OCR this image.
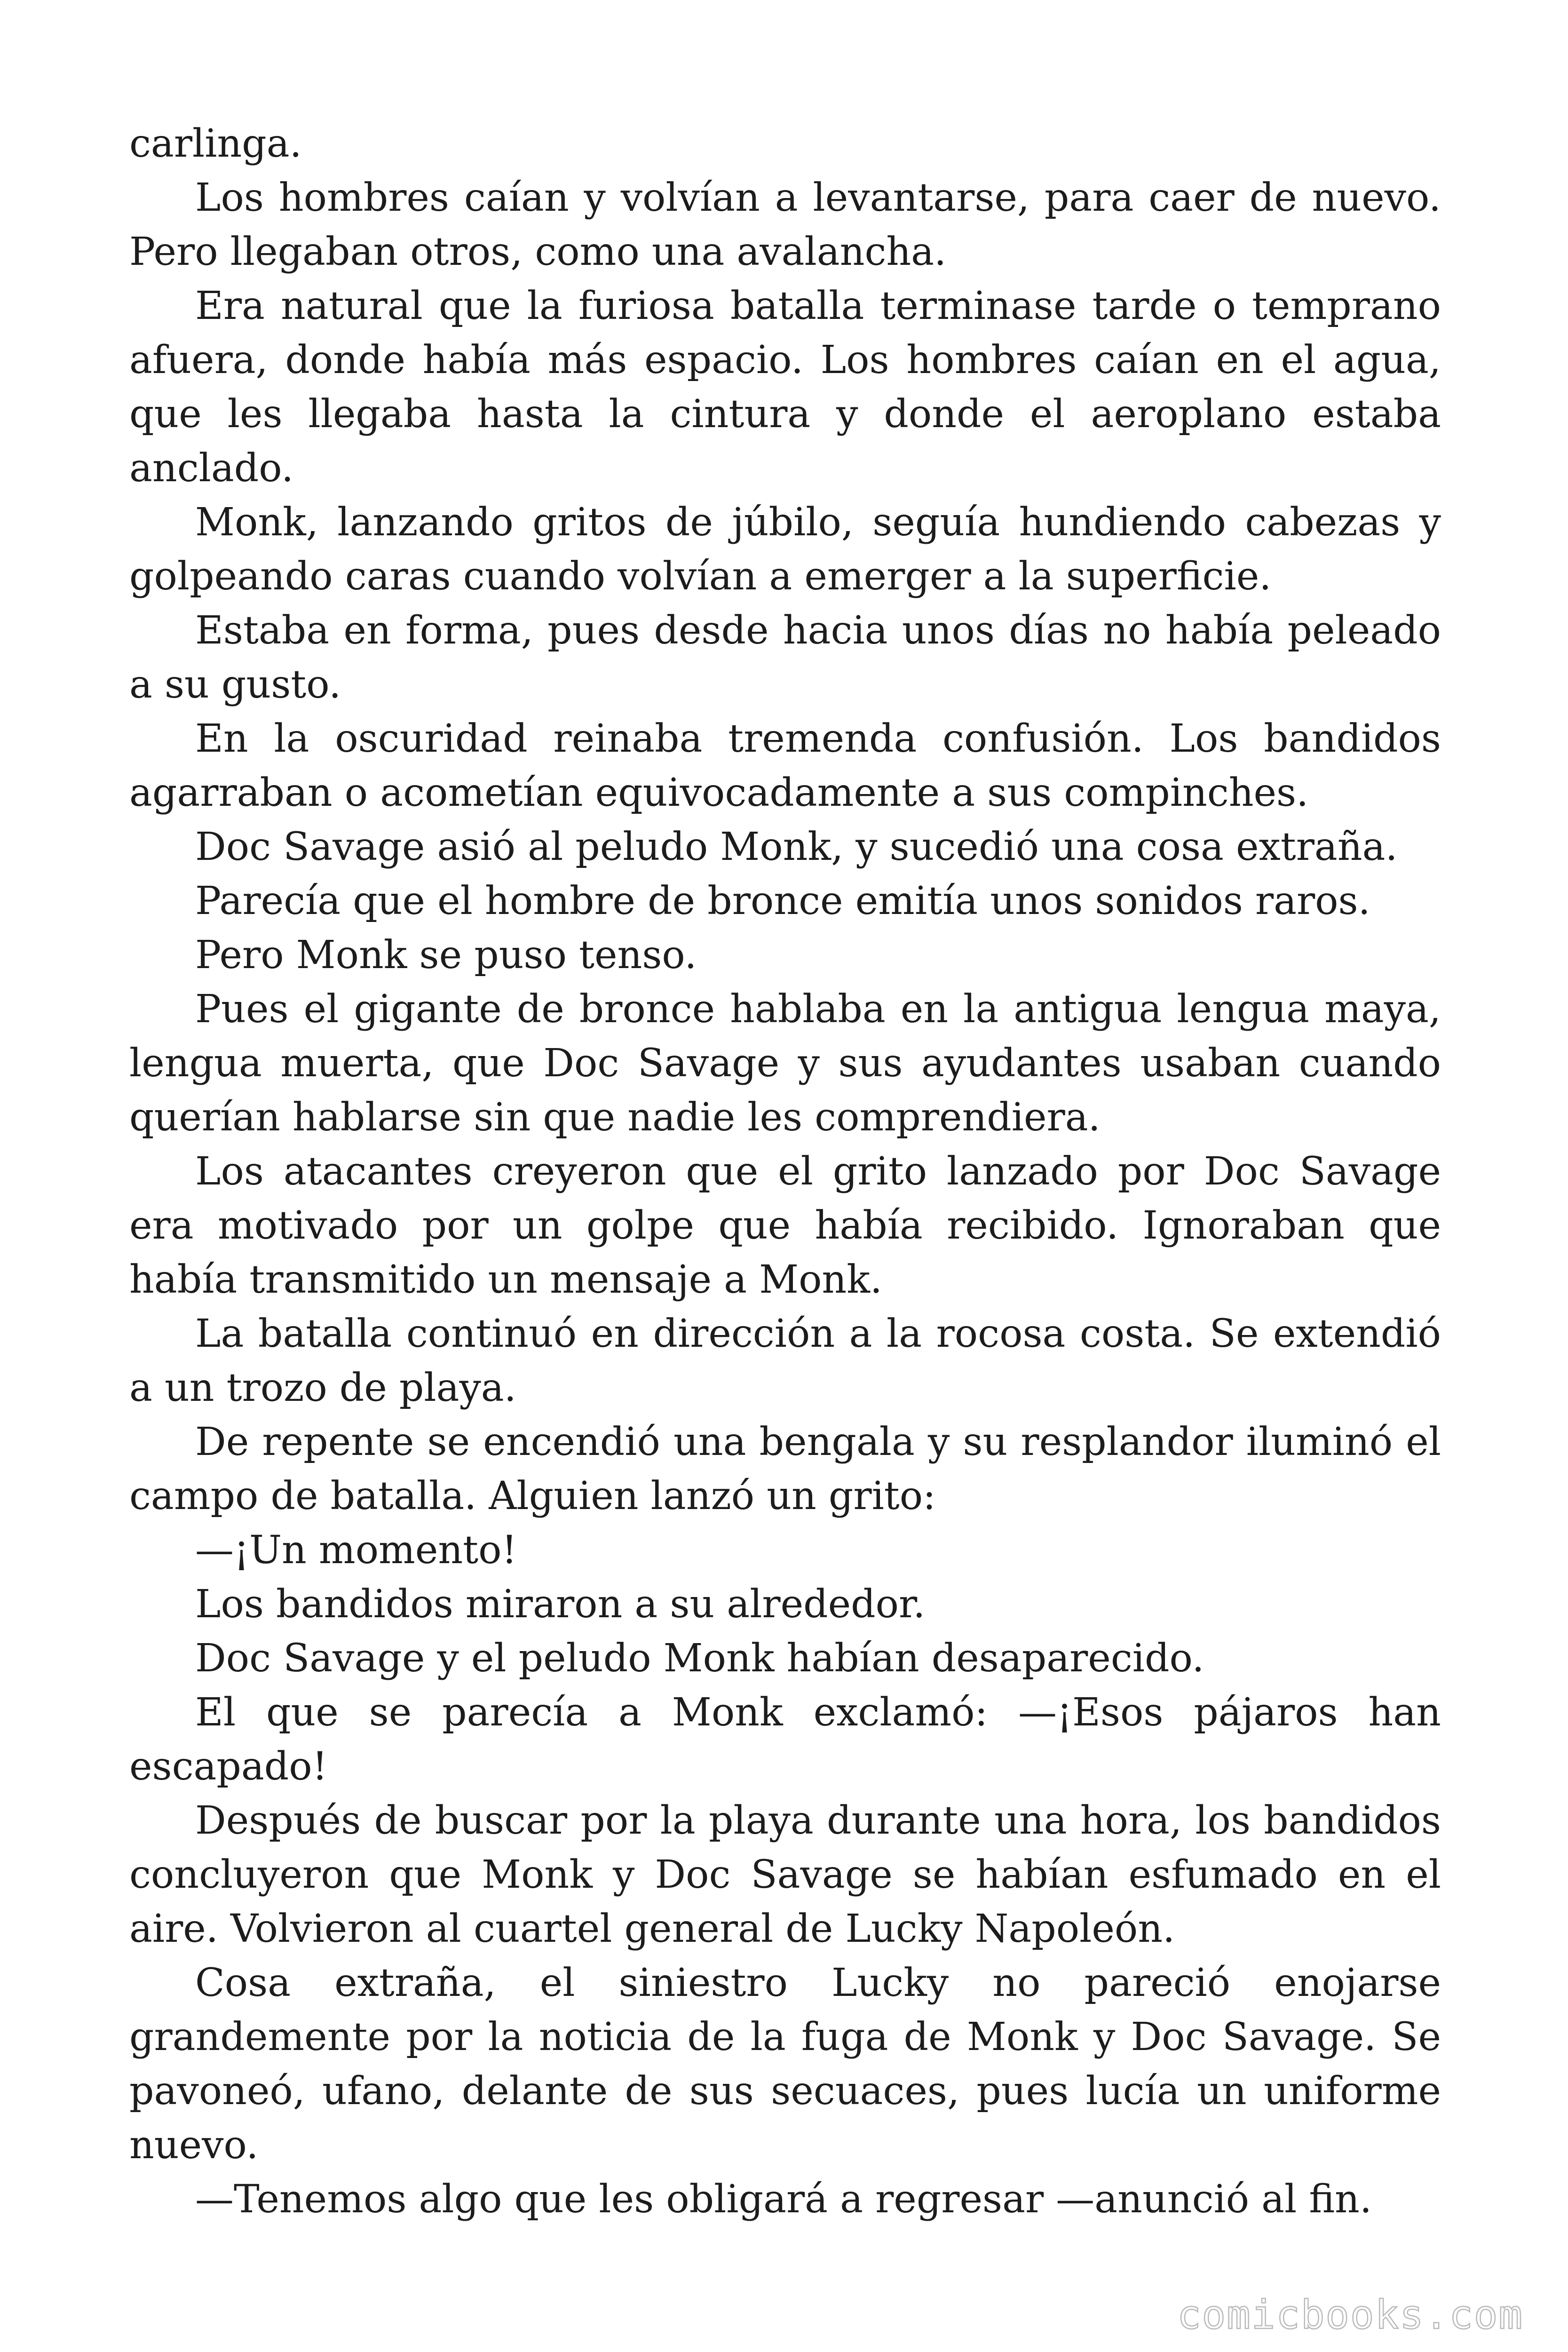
carlinga.

Los hombres caían y volvían a levantarse, para caer de nuevo. Pero llegaban otros, como una avalancha.

Era natural que la furiosa batalla terminase tarde o temprano afuera, donde había más espacio. Los hombres caían en el agua, que les llegaba hasta la cintura y donde el aeroplano estaba anclado.

Monk, lanzando gritos de júbilo, seguía hundiendo cabezas y golpeando caras cuando volvían a emerger a la superficie.

Estaba en forma, pues desde hacia unos días no había peleado a su gusto.

En la oscuridad reinaba tremenda confusión. Los bandidos agarraban o acometían equivocadamente a sus compinches.

Doc Savage asió al peludo Monk, y sucedió una cosa extraña.

Parecía que el hombre de bronce emitía unos sonidos raros.

Pero Monk se puso tenso.

Pues el gigante de bronce hablaba en la antigua lengua maya, lengua muerta, que Doc Savage y sus ayudantes usaban cuando querían hablarse sin que nadie les comprendiera.

Los atacantes creyeron que el grito lanzado por Doc Savage era motivado por un golpe que había recibido. Ignoraban que había transmitido un mensaje a Monk.

La batalla continuó en dirección a la rocosa costa. Se extendió a un trozo de playa.

De repente se encendió una bengala y su resplandor iluminó el campo de batalla. Alguien lanzó un grito:

—¡Un momento!

Los bandidos miraron a su alrededor.

Doc Savage y el peludo Monk habían desaparecido.

El que se parecía a Monk exclamó: —¡Esos pájaros han escapado!

Después de buscar por la playa durante una hora, los bandidos concluyeron que Monk y Doc Savage se habían esfumado en el aire. Volvieron al cuartel general de Lucky Napoleón.

Cosa extraña, el siniestro Lucky no pareció enojarse grandemente por la noticia de la fuga de Monk y Doc Savage. Se pavoneó, ufano, delante de sus secuaces, pues lucía un uniforme nuevo.

—Tenemos algo que les obligará a regresar —anunció al fin.

comicbooks.com
